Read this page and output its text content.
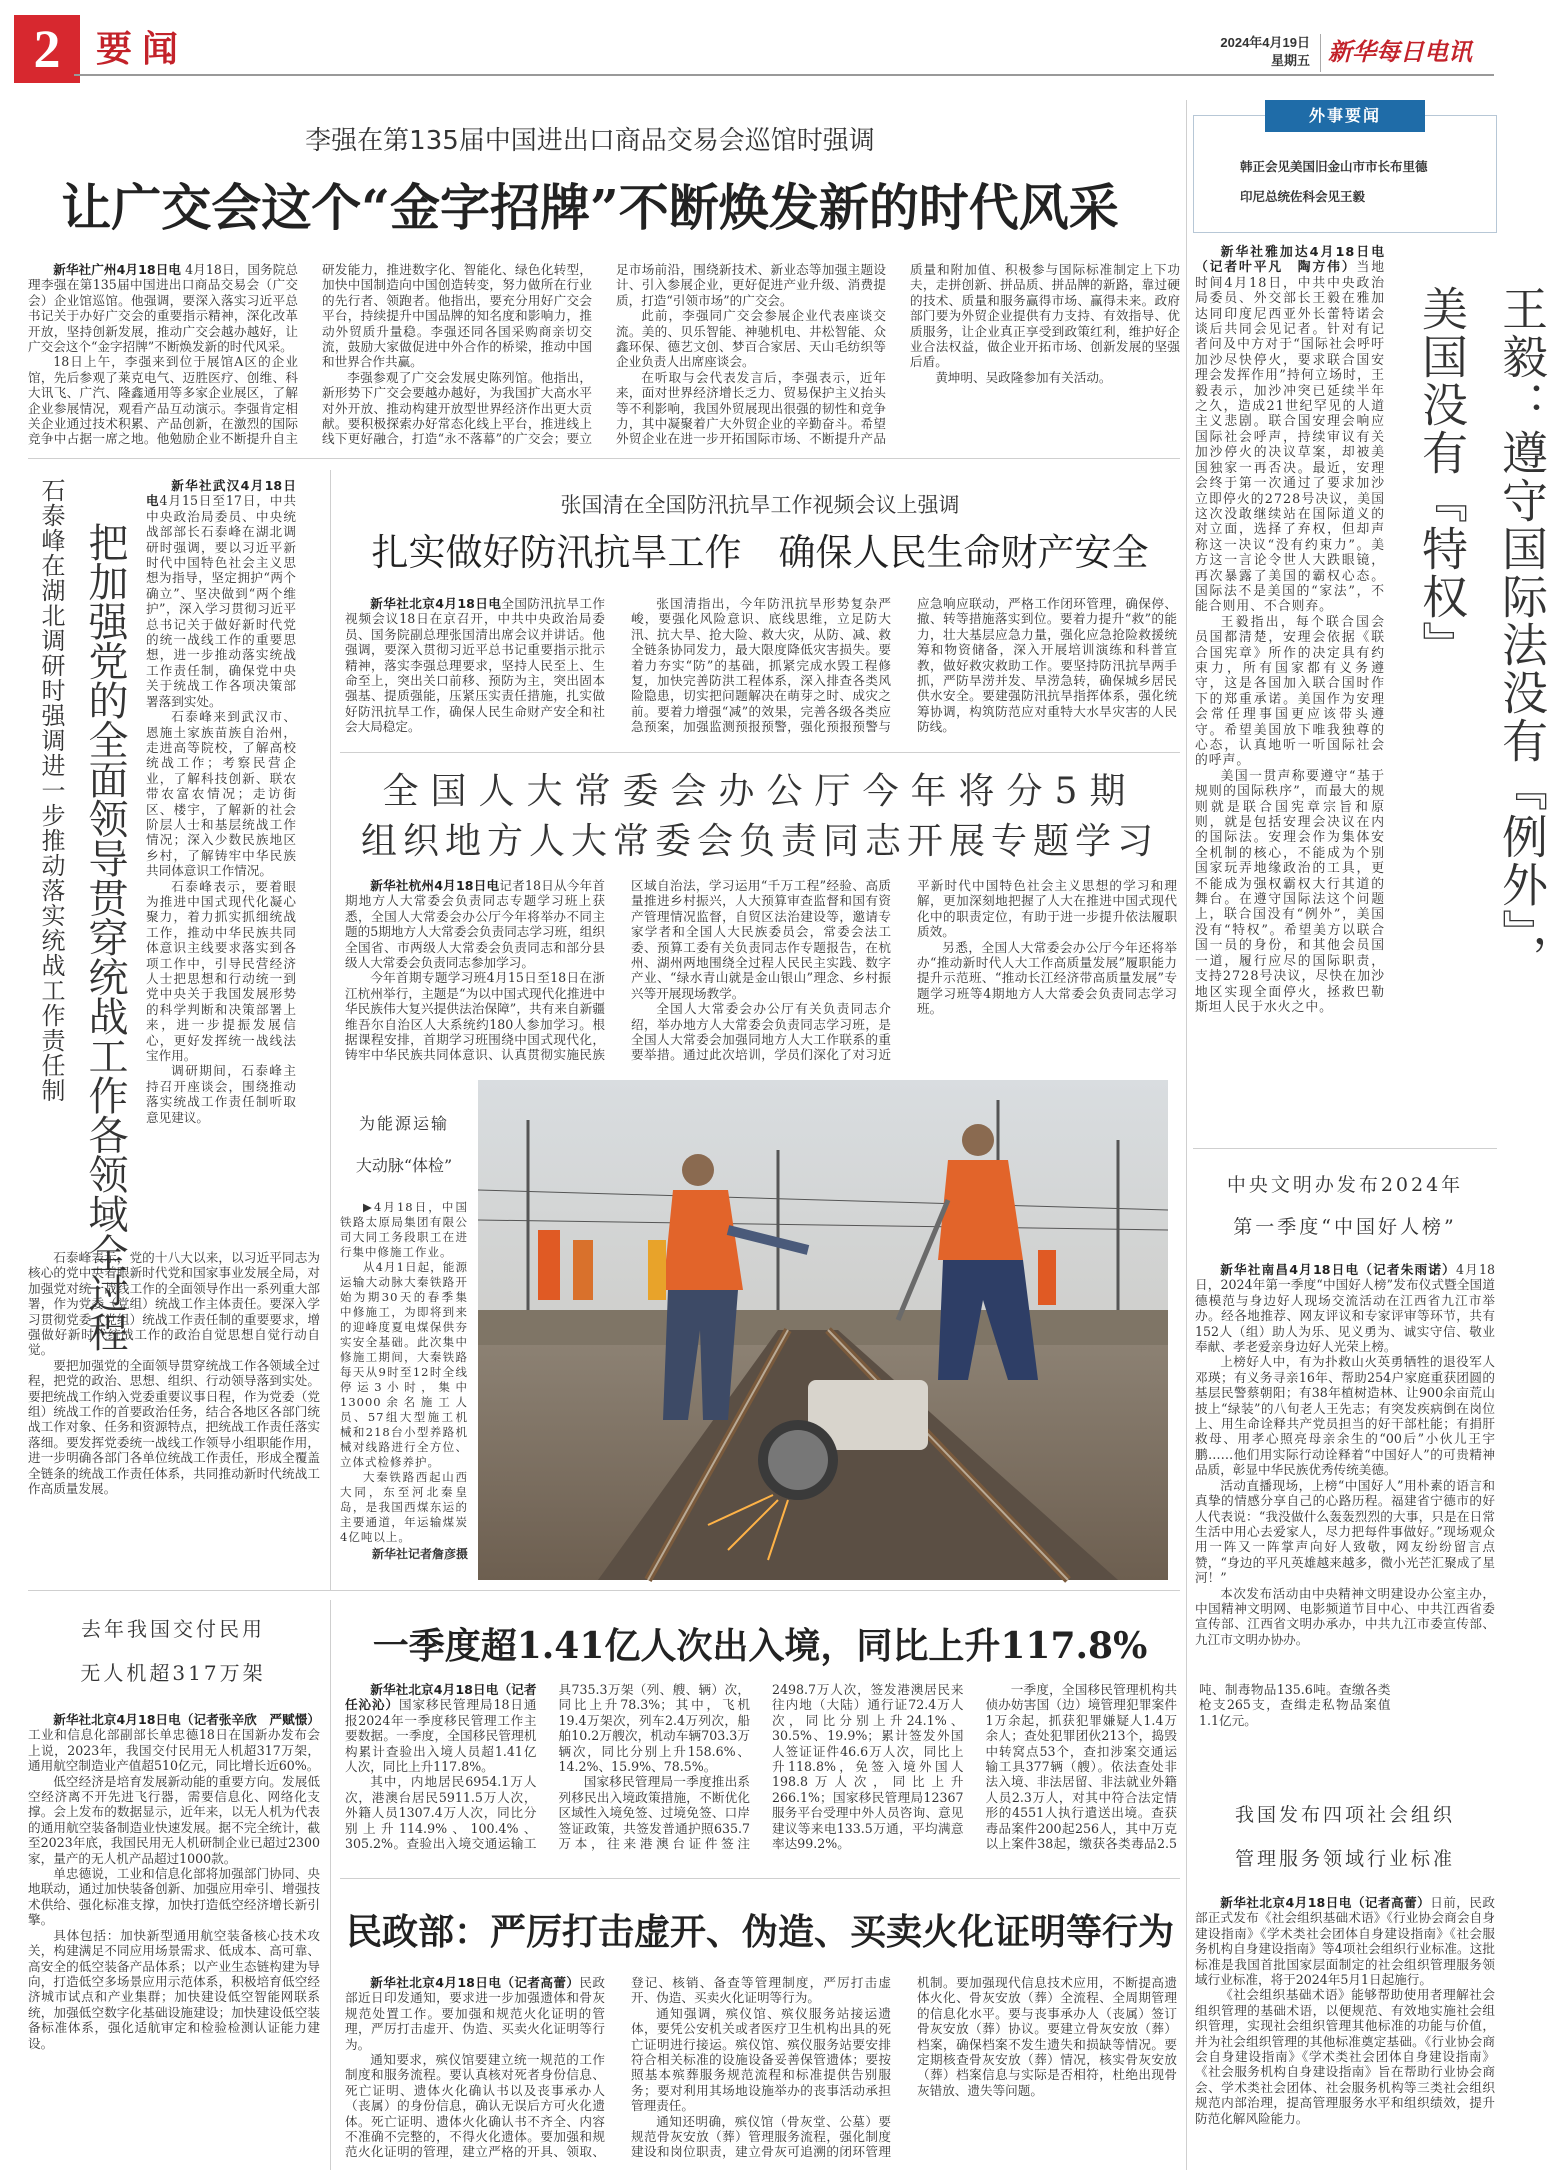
2 要闻	2024年4月19日
星期五 新华每日电讯
外事要闻
韩正会见美国旧金山市市长布里德
印尼总统佐科会见王毅
李强在第135届中国进出口商品交易会巡馆时强调
让广交会这个“金字招牌”不断焕发新的时代风采

新华社广州4月18日电 4月18日，国务院总理李强在第135届中国进出口商品交易会（广交会）企业馆巡馆。他强调，要深入落实习近平总书记关于办好广交会的重要指示精神，深化改革开放，坚持创新发展，推动广交会越办越好，让广交会这个“金字招牌”不断焕发新的时代风采。

18日上午，李强来到位于展馆A区的企业馆，先后参观了莱克电气、迈胜医疗、创维、科大讯飞、广汽、隆鑫通用等多家企业展区，了解企业参展情况，观看产品互动演示。李强肯定相关企业通过技术积累、产品创新，在激烈的国际竞争中占据一席之地。他勉励企业不断提升自主研发能力，推进数字化、智能化、绿色化转型，加快中国制造向中国创造转变，努力做所在行业的先行者、领跑者。他指出，要充分用好广交会平台，持续提升中国品牌的知名度和影响力，推动外贸质升量稳。李强还同各国采购商亲切交流，鼓励大家做促进中外合作的桥梁，推动中国和世界合作共赢。

李强参观了广交会发展史陈列馆。他指出，新形势下广交会要越办越好，为我国扩大高水平对外开放、推动构建开放型世界经济作出更大贡献。要积极探索办好常态化线上平台，推进线上线下更好融合，打造“永不落幕”的广交会；要立足市场前沿，围绕新技术、新业态等加强主题设计、引入参展企业，更好促进产业升级、消费提质，打造“引领市场”的广交会。

此前，李强同广交会参展企业代表座谈交流。美的、贝乐智能、神驰机电、井松智能、众鑫环保、德艺文创、梦百合家居、天山毛纺织等企业负责人出席座谈会。

在听取与会代表发言后，李强表示，近年来，面对世界经济增长乏力、贸易保护主义抬头等不利影响，我国外贸展现出很强的韧性和竞争力，其中凝聚着广大外贸企业的辛勤奋斗。希望外贸企业在进一步开拓国际市场、不断提升产品质量和附加值、积极参与国际标准制定上下功夫，走拼创新、拼品质、拼品牌的新路，靠过硬的技术、质量和服务赢得市场、赢得未来。政府部门要为外贸企业提供有力支持、有效指导、优质服务，让企业真正享受到政策红利，维护好企业合法权益，做企业开拓市场、创新发展的坚强后盾。

黄坤明、吴政隆参加有关活动。

新华社雅加达4月18日电（记者叶平凡　陶方伟）当地时间4月18日，中共中央政治局委员、外交部长王毅在雅加达同印度尼西亚外长蕾特诺会谈后共同会见记者。针对有记者问及中方对于“国际社会呼吁加沙尽快停火，要求联合国安理会发挥作用”持何立场时，王毅表示，加沙冲突已延续半年之久，造成21世纪罕见的人道主义悲剧。联合国安理会响应国际社会呼声，持续审议有关加沙停火的决议草案，却被美国独家一再否决。最近，安理会终于第一次通过了要求加沙立即停火的2728号决议，美国这次没敢继续站在国际道义的对立面，选择了弃权，但却声称这一决议“没有约束力”。美方这一言论令世人大跌眼镜，再次暴露了美国的霸权心态。国际法不是美国的“家法”，不能合则用、不合则弃。

王毅指出，每个联合国会员国都清楚，安理会依据《联合国宪章》所作的决定具有约束力，所有国家都有义务遵守，这是各国加入联合国时作下的郑重承诺。美国作为安理会常任理事国更应该带头遵守。希望美国放下唯我独尊的心态，认真地听一听国际社会的呼声。

美国一贯声称要遵守“基于规则的国际秩序”，而最大的规则就是联合国宪章宗旨和原则，就是包括安理会决议在内的国际法。安理会作为集体安全机制的核心，不能成为个别国家玩弄地缘政治的工具，更不能成为强权霸权大行其道的舞台。在遵守国际法这个问题上，联合国没有“例外”，美国没有“特权”。希望美方以联合国一员的身份，和其他会员国一道，履行应尽的国际职责，支持2728号决议，尽快在加沙地区实现全面停火，拯救巴勒斯坦人民于水火之中。

王毅：遵守国际法没有『例外』，美国没有『特权』
石泰峰在湖北调研时强调进一步推动落实统战工作责任制 把加强党的全面领导贯穿统战工作各领域全过程

新华社武汉4月18日电4月15日至17日，中共中央政治局委员、中央统战部部长石泰峰在湖北调研时强调，要以习近平新时代中国特色社会主义思想为指导，坚定拥护“两个确立”、坚决做到“两个维护”，深入学习贯彻习近平总书记关于做好新时代党的统一战线工作的重要思想，进一步推动落实统战工作责任制，确保党中央关于统战工作各项决策部署落到实处。

石泰峰来到武汉市、恩施土家族苗族自治州，走进高等院校，了解高校统战工作；考察民营企业，了解科技创新、联农带农富农情况；走访街区、楼宇，了解新的社会阶层人士和基层统战工作情况；深入少数民族地区乡村，了解铸牢中华民族共同体意识工作情况。

石泰峰表示，要着眼为推进中国式现代化凝心聚力，着力抓实抓细统战工作，推动中华民族共同体意识主线要求落实到各项工作中，引导民营经济人士把思想和行动统一到党中央关于我国发展形势的科学判断和决策部署上来，进一步提振发展信心，更好发挥统一战线法宝作用。

调研期间，石泰峰主持召开座谈会，围绕推动落实统战工作责任制听取意见建议。

石泰峰表示，党的十八大以来，以习近平同志为核心的党中央着眼新时代党和国家事业发展全局，对加强党对统一战线工作的全面领导作出一系列重大部署，作为党委（党组）统战工作主体责任。要深入学习贯彻党委（党组）统战工作责任制的重要要求，增强做好新时代统战工作的政治自觉思想自觉行动自觉。

要把加强党的全面领导贯穿统战工作各领域全过程，把党的政治、思想、组织、行动领导落到实处。要把统战工作纳入党委重要议事日程，作为党委（党组）统战工作的首要政治任务，结合各地区各部门统战工作对象、任务和资源特点，把统战工作责任落实落细。要发挥党委统一战线工作领导小组职能作用，进一步明确各部门各单位统战工作责任，形成全覆盖全链条的统战工作责任体系，共同推动新时代统战工作高质量发展。

张国清在全国防汛抗旱工作视频会议上强调
扎实做好防汛抗旱工作　确保人民生命财产安全

新华社北京4月18日电全国防汛抗旱工作视频会议18日在京召开，中共中央政治局委员、国务院副总理张国清出席会议并讲话。他强调，要深入贯彻习近平总书记重要指示批示精神，落实李强总理要求，坚持人民至上、生命至上，突出关口前移、预防为主，突出固本强基、提质强能，压紧压实责任措施，扎实做好防汛抗旱工作，确保人民生命财产安全和社会大局稳定。

张国清指出，今年防汛抗旱形势复杂严峻，要强化风险意识、底线思维，立足防大汛、抗大旱、抢大险、救大灾，从防、减、救全链条协同发力，最大限度降低灾害损失。要着力夯实“防”的基础，抓紧完成水毁工程修复，加快完善防洪工程体系，深入排查各类风险隐患，切实把问题解决在萌芽之时、成灾之前。要着力增强“减”的效果，完善各级各类应急预案，加强监测预报预警，强化预报预警与应急响应联动，严格工作闭环管理，确保停、撤、转等措施落实到位。要着力提升“救”的能力，壮大基层应急力量，强化应急抢险救援统筹和物资储备，深入开展培训演练和科普宣教，做好救灾救助工作。要坚持防汛抗旱两手抓，严防旱涝并发、旱涝急转，确保城乡居民供水安全。要建强防汛抗旱指挥体系，强化统筹协调，构筑防范应对重特大水旱灾害的人民防线。

全国人大常委会办公厅今年将分5期
组织地方人大常委会负责同志开展专题学习

新华社杭州4月18日电记者18日从今年首期地方人大常委会负责同志专题学习班上获悉，全国人大常委会办公厅今年将举办不同主题的5期地方人大常委会负责同志学习班，组织全国省、市两级人大常委会负责同志和部分县级人大常委会负责同志参加学习。

今年首期专题学习班4月15日至18日在浙江杭州举行，主题是“为以中国式现代化推进中华民族伟大复兴提供法治保障”，共有来自新疆维吾尔自治区人大系统约180人参加学习。根据课程安排，首期学习班围绕中国式现代化，铸牢中华民族共同体意识、认真贯彻实施民族区域自治法，学习运用“千万工程”经验、高质量推进乡村振兴，人大预算审查监督和国有资产管理情况监督，自贸区法治建设等，邀请专家学者和全国人大民族委员会，常委会法工委、预算工委有关负责同志作专题报告，在杭州、湖州两地围绕全过程人民民主实践、数字产业、“绿水青山就是金山银山”理念、乡村振兴等开展现场教学。

全国人大常委会办公厅有关负责同志介绍，举办地方人大常委会负责同志学习班，是全国人大常委会加强同地方人大工作联系的重要举措。通过此次培训，学员们深化了对习近平新时代中国特色社会主义思想的学习和理解，更加深刻地把握了人大在推进中国式现代化中的职责定位，有助于进一步提升依法履职质效。

另悉，全国人大常委会办公厅今年还将举办“推动新时代人大工作高质量发展”履职能力提升示范班、“推动长江经济带高质量发展”专题学习班等4期地方人大常委会负责同志学习班。

为能源运输
大动脉“体检”

▶4月18日，中国铁路太原局集团有限公司大同工务段职工在进行集中修施工作业。

从4月1日起，能源运输大动脉大秦铁路开始为期30天的春季集中修施工，为即将到来的迎峰度夏电煤保供夯实安全基础。此次集中修施工期间，大秦铁路每天从9时至12时全线停运3小时，集中13000余名施工人员、57组大型施工机械和218台小型养路机械对线路进行全方位、立体式检修养护。

大秦铁路西起山西大同，东至河北秦皇岛，是我国西煤东运的主要通道，年运输煤炭4亿吨以上。

新华社记者詹彦摄
中央文明办发布2024年
第一季度“中国好人榜”

新华社南昌4月18日电（记者朱雨诺）4月18日，2024年第一季度“中国好人榜”发布仪式暨全国道德模范与身边好人现场交流活动在江西省九江市举办。经各地推荐、网友评议和专家评审等环节，共有152人（组）助人为乐、见义勇为、诚实守信、敬业奉献、孝老爱亲身边好人光荣上榜。

上榜好人中，有为扑救山火英勇牺牲的退役军人邓瑛；有义务寻亲16年、帮助254户家庭重获团圆的基层民警蔡朝阳；有38年植树造林、让900余亩荒山披上“绿装”的八旬老人王先志；有突发疾病倒在岗位上、用生命诠释共产党员担当的好干部杜能；有捐肝救母、用孝心照亮母亲余生的“00后”小伙儿王宇鹏……他们用实际行动诠释着“中国好人”的可贵精神品质，彰显中华民族优秀传统美德。

活动直播现场，上榜“中国好人”用朴素的语言和真挚的情感分享自己的心路历程。福建省宁德市的好人代表说：“我没做什么轰轰烈烈的大事，只是在日常生活中用心去爱家人，尽力把每件事做好。”现场观众用一阵又一阵掌声向好人致敬，网友纷纷留言点赞，“身边的平凡英雄越来越多，微小光芒汇聚成了星河！”

本次发布活动由中央精神文明建设办公室主办，中国精神文明网、电影频道节目中心、中共江西省委宣传部、江西省文明办承办，中共九江市委宣传部、九江市文明办协办。

我国发布四项社会组织
管理服务领域行业标准

新华社北京4月18日电（记者高蕾）日前，民政部正式发布《社会组织基础术语》《行业协会商会自身建设指南》《学术类社会团体自身建设指南》《社会服务机构自身建设指南》等4项社会组织行业标准。这批标准是我国首批国家层面制定的社会组织管理服务领域行业标准，将于2024年5月1日起施行。

《社会组织基础术语》能够帮助使用者理解社会组织管理的基础术语，以便规范、有效地实施社会组织管理，实现社会组织管理其他标准的功能与价值，并为社会组织管理的其他标准奠定基础。《行业协会商会自身建设指南》《学术类社会团体自身建设指南》《社会服务机构自身建设指南》旨在帮助行业协会商会、学术类社会团体、社会服务机构等三类社会组织规范内部治理，提高管理服务水平和组织绩效，提升防范化解风险能力。

去年我国交付民用
无人机超317万架

新华社北京4月18日电（记者张辛欣　严赋憬）工业和信息化部副部长单忠德18日在国新办发布会上说，2023年，我国交付民用无人机超317万架，通用航空制造业产值超510亿元，同比增长近60%。

低空经济是培育发展新动能的重要方向。发展低空经济离不开先进飞行器，需要信息化、网络化支撑。会上发布的数据显示，近年来，以无人机为代表的通用航空装备制造业快速发展。据不完全统计，截至2023年底，我国民用无人机研制企业已超过2300家，量产的无人机产品超过1000款。

单忠德说，工业和信息化部将加强部门协同、央地联动，通过加快装备创新、加强应用牵引、增强技术供给、强化标准支撑，加快打造低空经济增长新引擎。

具体包括：加快新型通用航空装备核心技术攻关，构建满足不同应用场景需求、低成本、高可靠、高安全的低空装备产品体系；以产业生态链构建为导向，打造低空多场景应用示范体系，积极培育低空经济城市试点和产业集群；加快建设低空智能网联系统，加强低空数字化基础设施建设；加快建设低空装备标准体系，强化适航审定和检验检测认证能力建设。

一季度超1.41亿人次出入境，同比上升117.8%

新华社北京4月18日电（记者任沁沁）国家移民管理局18日通报2024年一季度移民管理工作主要数据。一季度，全国移民管理机构累计查验出入境人员超1.41亿人次，同比上升117.8%。

其中，内地居民6954.1万人次，港澳台居民5911.5万人次，外籍人员1307.4万人次，同比分别上升114.9%、100.4%、305.2%。查验出入境交通运输工具735.3万架（列、艘、辆）次，同比上升78.3%；其中，飞机19.4万架次，列车2.4万列次，船舶10.2万艘次，机动车辆703.3万辆次，同比分别上升158.6%、14.2%、15.9%、78.5%。

国家移民管理局一季度推出系列移民出入境政策措施，不断优化区域性入境免签、过境免签、口岸签证政策，共签发普通护照635.7万本，往来港澳台证件签注2498.7万人次，签发港澳居民来往内地（大陆）通行证72.4万人次，同比分别上升24.1%、30.5%、19.9%；累计签发外国人签证证件46.6万人次，同比上升118.8%，免签入境外国人198.8万人次，同比上升266.1%；国家移民管理局12367服务平台受理中外人员咨询、意见建议等来电133.5万通，平均满意率达99.2%。

一季度，全国移民管理机构共侦办妨害国（边）境管理犯罪案件1万余起，抓获犯罪嫌疑人1.4万余人；查处犯罪团伙213个，捣毁中转窝点53个，查扣涉案交通运输工具377辆（艘）。依法查处非法入境、非法居留、非法就业外籍人员2.3万人，对其中符合法定情形的4551人执行遣送出境。查获毒品案件200起256人，其中万克以上案件38起，缴获各类毒品2.5吨、制毒物品135.6吨。查缴各类枪支265支，查缉走私物品案值1.1亿元。

民政部：严厉打击虚开、伪造、买卖火化证明等行为

新华社北京4月18日电（记者高蕾）民政部近日印发通知，要求进一步加强遗体和骨灰规范处置工作。要加强和规范火化证明的管理，严厉打击虚开、伪造、买卖火化证明等行为。

通知要求，殡仪馆要建立统一规范的工作制度和服务流程。要认真核对死者身份信息、死亡证明、遗体火化确认书以及丧事承办人（丧属）的身份信息，确认无误后方可火化遗体。死亡证明、遗体火化确认书不齐全、内容不准确不完整的，不得火化遗体。要加强和规范火化证明的管理，建立严格的开具、领取、登记、核销、备查等管理制度，严厉打击虚开、伪造、买卖火化证明等行为。

通知强调，殡仪馆、殡仪服务站接运遗体，要凭公安机关或者医疗卫生机构出具的死亡证明进行接运。殡仪馆、殡仪服务站要安排符合相关标准的设施设备妥善保管遗体；要按照基本殡葬服务规范流程和标准提供告别服务；要对利用其场地设施举办的丧事活动承担管理责任。

通知还明确，殡仪馆（骨灰堂、公墓）要规范骨灰安放（葬）管理服务流程，强化制度建设和岗位职责，建立骨灰可追溯的闭环管理机制。要加强现代信息技术应用，不断提高遗体火化、骨灰安放（葬）全流程、全周期管理的信息化水平。要与丧事承办人（丧属）签订骨灰安放（葬）协议。要建立骨灰安放（葬）档案，确保档案不发生遗失和损缺等情况。要定期核查骨灰安放（葬）情况，核实骨灰安放（葬）档案信息与实际是否相符，杜绝出现骨灰错放、遗失等问题。
